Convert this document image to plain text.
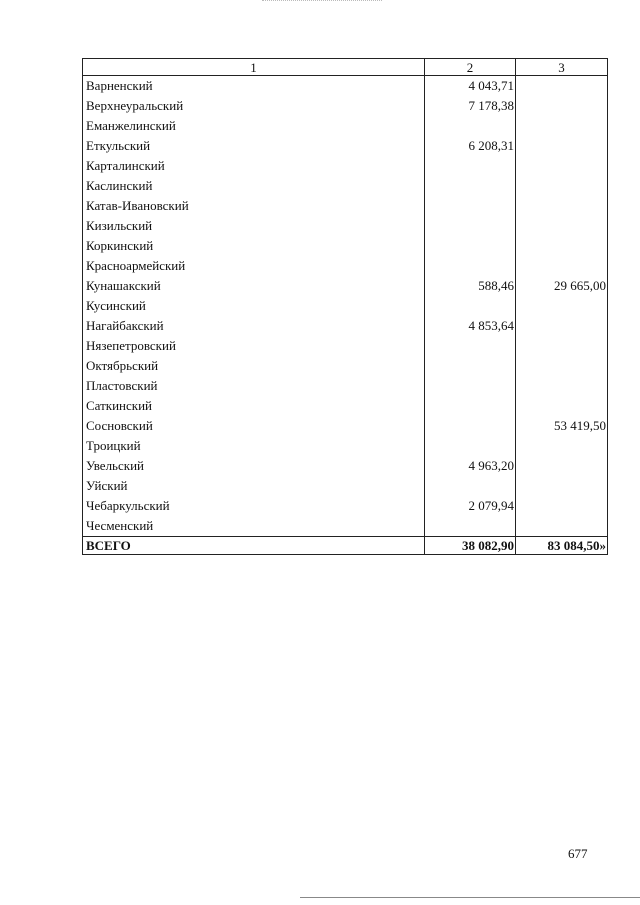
1	2	3
Варненский	4 043,71	
Верхнеуральский	7 178,38	
Еманжелинский		
Еткульский	6 208,31	
Карталинский		
Каслинский		
Катав-Ивановский		
Кизильский		
Коркинский		
Красноармейский		
Кунашакский	588,46	29 665,00
Кусинский		
Нагайбакский	4 853,64	
Нязепетровский		
Октябрьский		
Пластовский		
Саткинский		
Сосновский		53 419,50
Троицкий		
Увельский	4 963,20	
Уйский		
Чебаркульский	2 079,94	
Чесменский		
ВСЕГО	38 082,90	83 084,50»
677
